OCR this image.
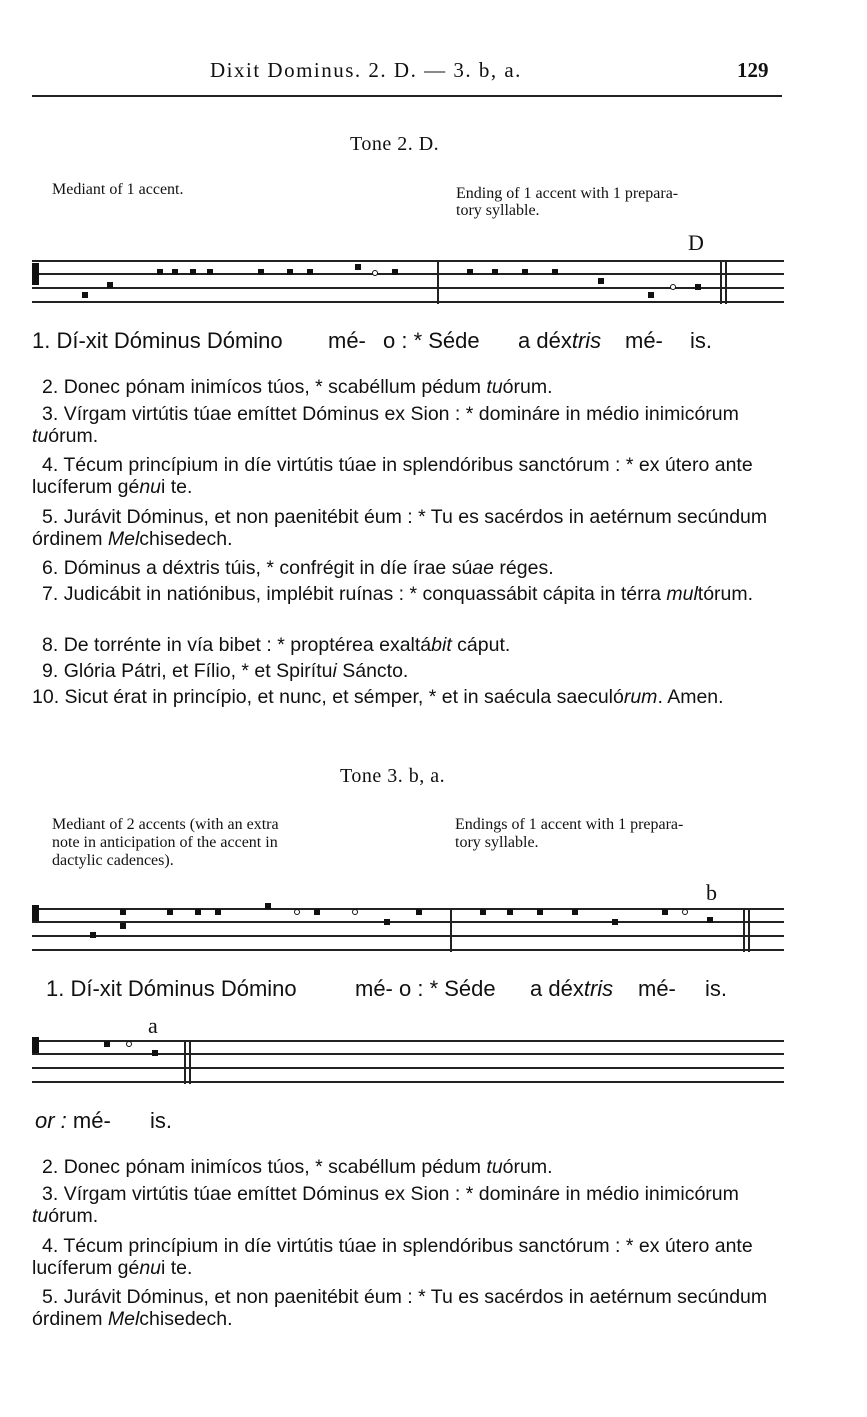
Dixit Dominus. 2. D. — 3. b, a.	129
Tone 2. D.
Mediant of 1 accent.	Ending of 1 accent with 1 prepara-
tory syllable.
D
1. Dí-xit Dóminus Dómino mé- o : * Séde a déxtris mé- is.
2. Donec pónam inimícos túos, * scabéllum pédum tuórum.
3. Vírgam virtútis túae emíttet Dóminus ex Sion : * domináre in médio inimicórum tuórum.
4. Técum princípium in díe virtútis túae in splendóribus sanctórum : * ex útero ante lucíferum génui te.
5. Jurávit Dóminus, et non paenitébit éum : * Tu es sacérdos in aetérnum secúndum órdinem Melchisedech.
6. Dóminus a déxtris túis, * confrégit in díe írae súae réges.
7. Judicábit in natiónibus, implébit ruínas : * conquassábit cápita in térra multórum.
8. De torrénte in vía bibet : * proptérea exaltábit cáput.
9. Glória Pátri, et Fílio, * et Spirítui Sáncto.
10. Sicut érat in princípio, et nunc, et sémper, * et in saécula saeculórum. Amen.
Tone 3. b, a.
Mediant of 2 accents (with an extra
note in anticipation of the accent in
dactylic cadences).
Endings of 1 accent with 1 prepara-
tory syllable.
b
1. Dí-xit Dóminus Dómino	mé- o : * Séde a déxtris mé- is.
a
or : mé- is.
2. Donec pónam inimícos túos, * scabéllum pédum tuórum.
3. Vírgam virtútis túae emíttet Dóminus ex Sion : * domináre in médio inimicórum tuórum.
4. Técum princípium in díe virtútis túae in splendóribus sanctórum : * ex útero ante lucíferum génui te.
5. Jurávit Dóminus, et non paenitébit éum : * Tu es sacérdos in aetérnum secúndum órdinem Melchisedech.
